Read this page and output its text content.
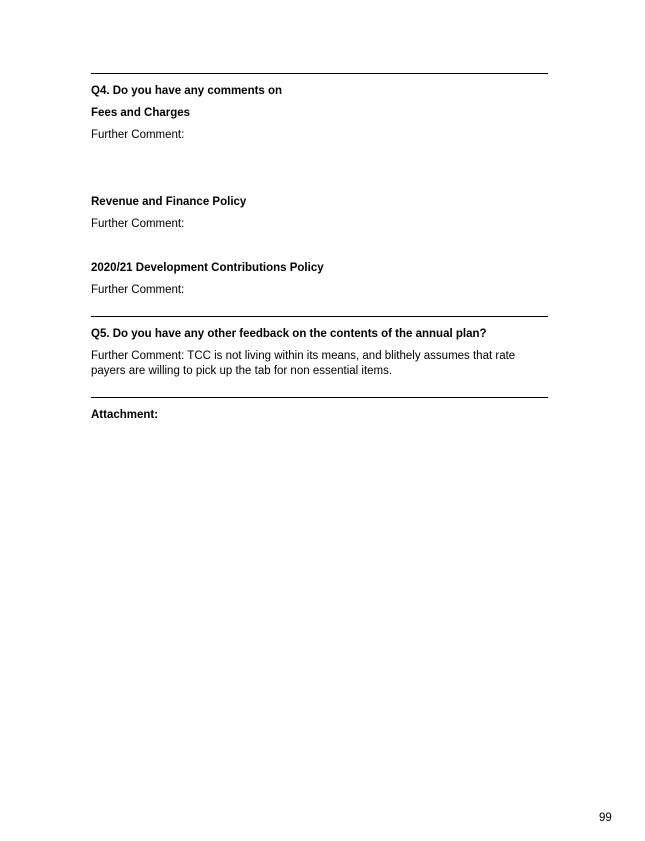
Q4. Do you have any comments on

Fees and Charges

Further Comment:

Revenue and Finance Policy

Further Comment:

2020/21 Development Contributions Policy

Further Comment:

Q5. Do you have any other feedback on the contents of the annual plan?

Further Comment: TCC is not living within its means, and blithely assumes that rate payers are willing to pick up the tab for non essential items.

Attachment:

99
